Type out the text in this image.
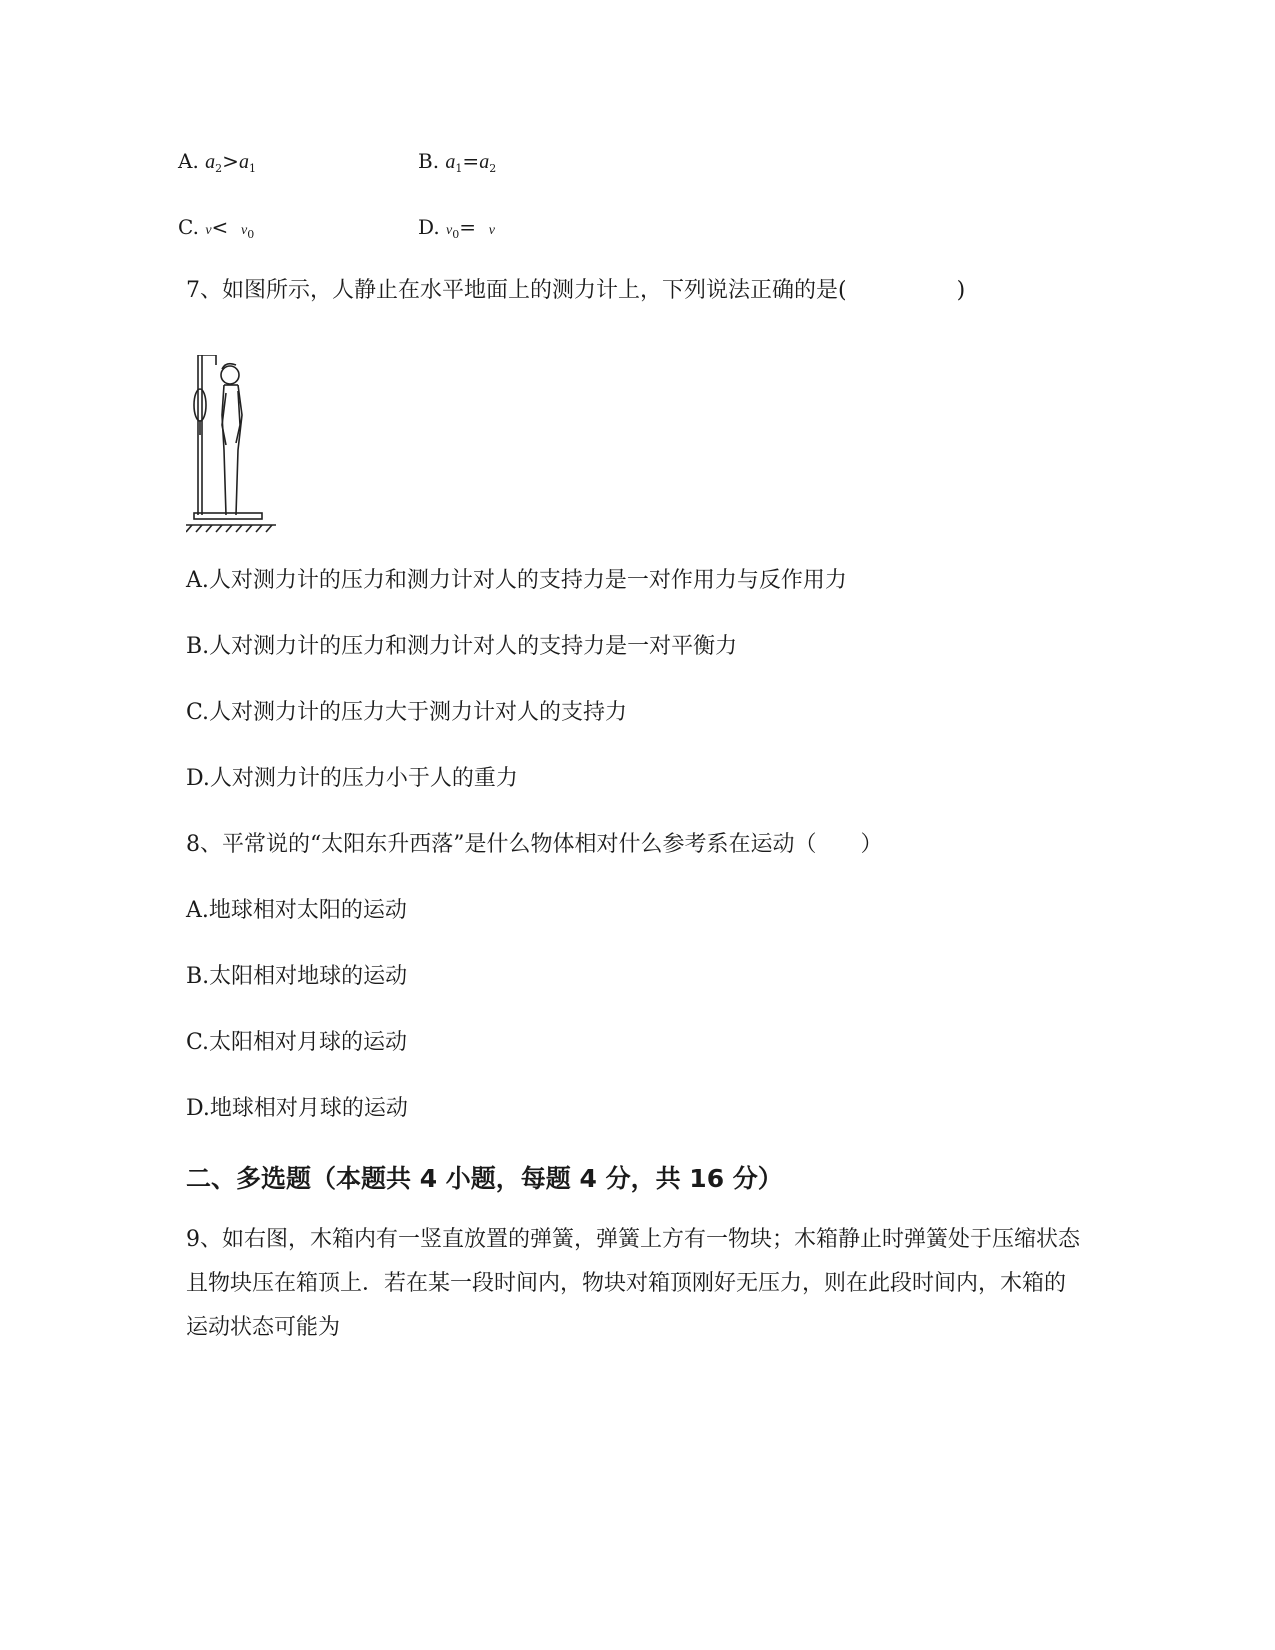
A. $a_2>a_1$	B. $a_1=a_2$
C. $v< v_0$	D. $v_0= v$
7、如图所示，人静止在水平地面上的测力计上，下列说法正确的是(　　　　　)
A.人对测力计的压力和测力计对人的支持力是一对作用力与反作用力
B.人对测力计的压力和测力计对人的支持力是一对平衡力
C.人对测力计的压力大于测力计对人的支持力
D.人对测力计的压力小于人的重力
8、平常说的“太阳东升西落”是什么物体相对什么参考系在运动（　　）
A.地球相对太阳的运动
B.太阳相对地球的运动
C.太阳相对月球的运动
D.地球相对月球的运动
二、多选题（本题共 4 小题，每题 4 分，共 16 分）
9、如右图，木箱内有一竖直放置的弹簧，弹簧上方有一物块；木箱静止时弹簧处于压缩状态且物块压在箱顶上．若在某一段时间内，物块对箱顶刚好无压力，则在此段时间内，木箱的运动状态可能为
